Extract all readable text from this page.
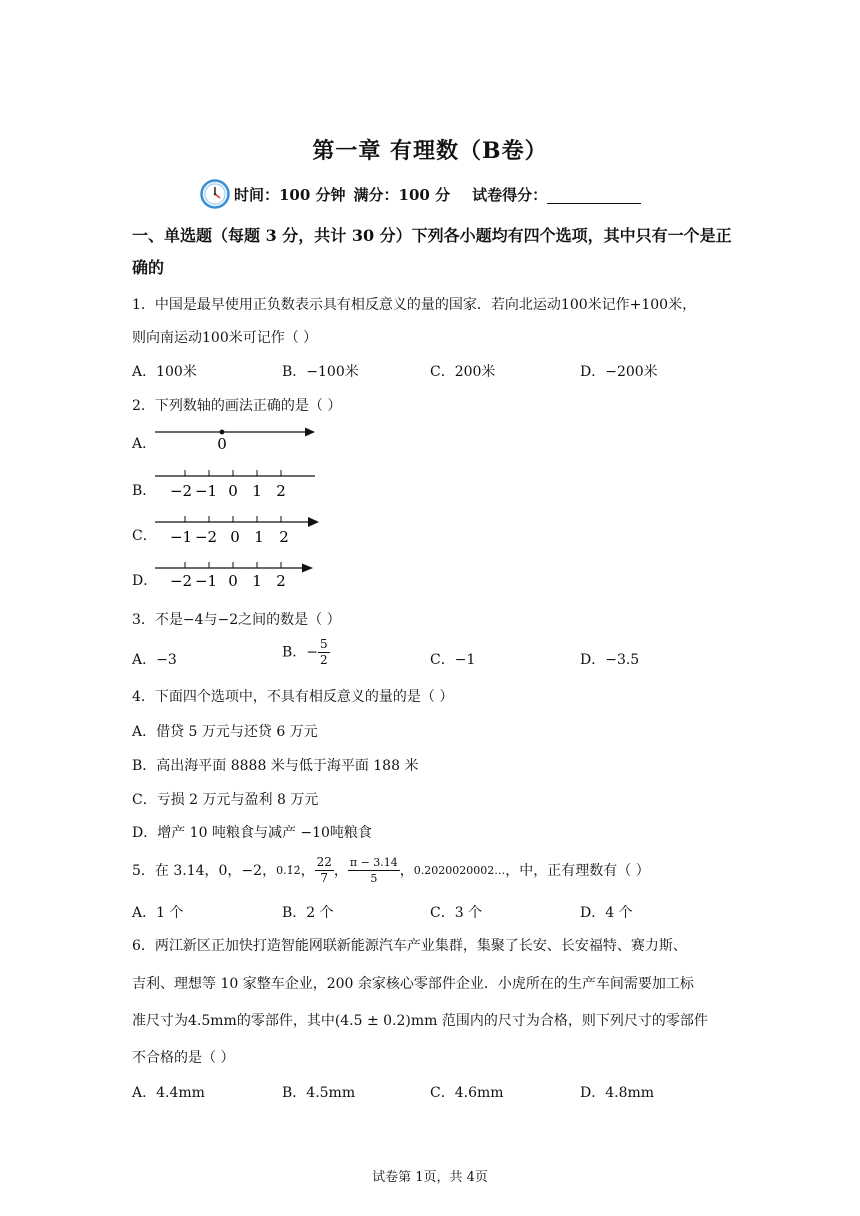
第一章 有理数（B卷）
时间：100 分钟 满分：100 分 试卷得分：
一、单选题（每题 3 分，共计 30 分）下列各小题均有四个选项，其中只有一个是正确的
1．中国是最早使用正负数表示具有相反意义的量的国家．若向北运动100米记作+100米，
则向南运动100米可记作（ ）
A．100米	B．−100米	C．200米	D．−200米
2．下列数轴的画法正确的是（ ）
A．	0
B． −2 −1 0 1 2
C． −1 −2 0 1 2
D． −2 −1 0 1 2
3．不是−4与−2之间的数是（ ）
A．−3	B．− $\frac{5}{2}$	C．−1	D．−3.5
4．下面四个选项中，不具有相反意义的量的是（ ）
A．借贷 5 万元与还贷 6 万元
B．高出海平面 8888 米与低于海平面 188 米
C．亏损 2 万元与盈利 8 万元
D．增产 10 吨粮食与减产 −10吨粮食
5．在 3.14，0，−2， 0.1̇2̇ ， $\frac{22}{7}$ ， $\frac{\pi - 3.14}{5}$ ， 0.2020020002… ，中，正有理数有（ ）
A．1 个	B．2 个	C．3 个	D．4 个
6．两江新区正加快打造智能网联新能源汽车产业集群，集聚了长安、长安福特、赛力斯、
吉利、理想等 10 家整车企业，200 余家核心零部件企业．小虎所在的生产车间需要加工标
准尺寸为4.5mm的零部件，其中(4.5 ± 0.2)mm 范围内的尺寸为合格，则下列尺寸的零部件
不合格的是（ ）
A．4.4mm	B．4.5mm	C．4.6mm	D．4.8mm
试卷第 1页，共 4页
